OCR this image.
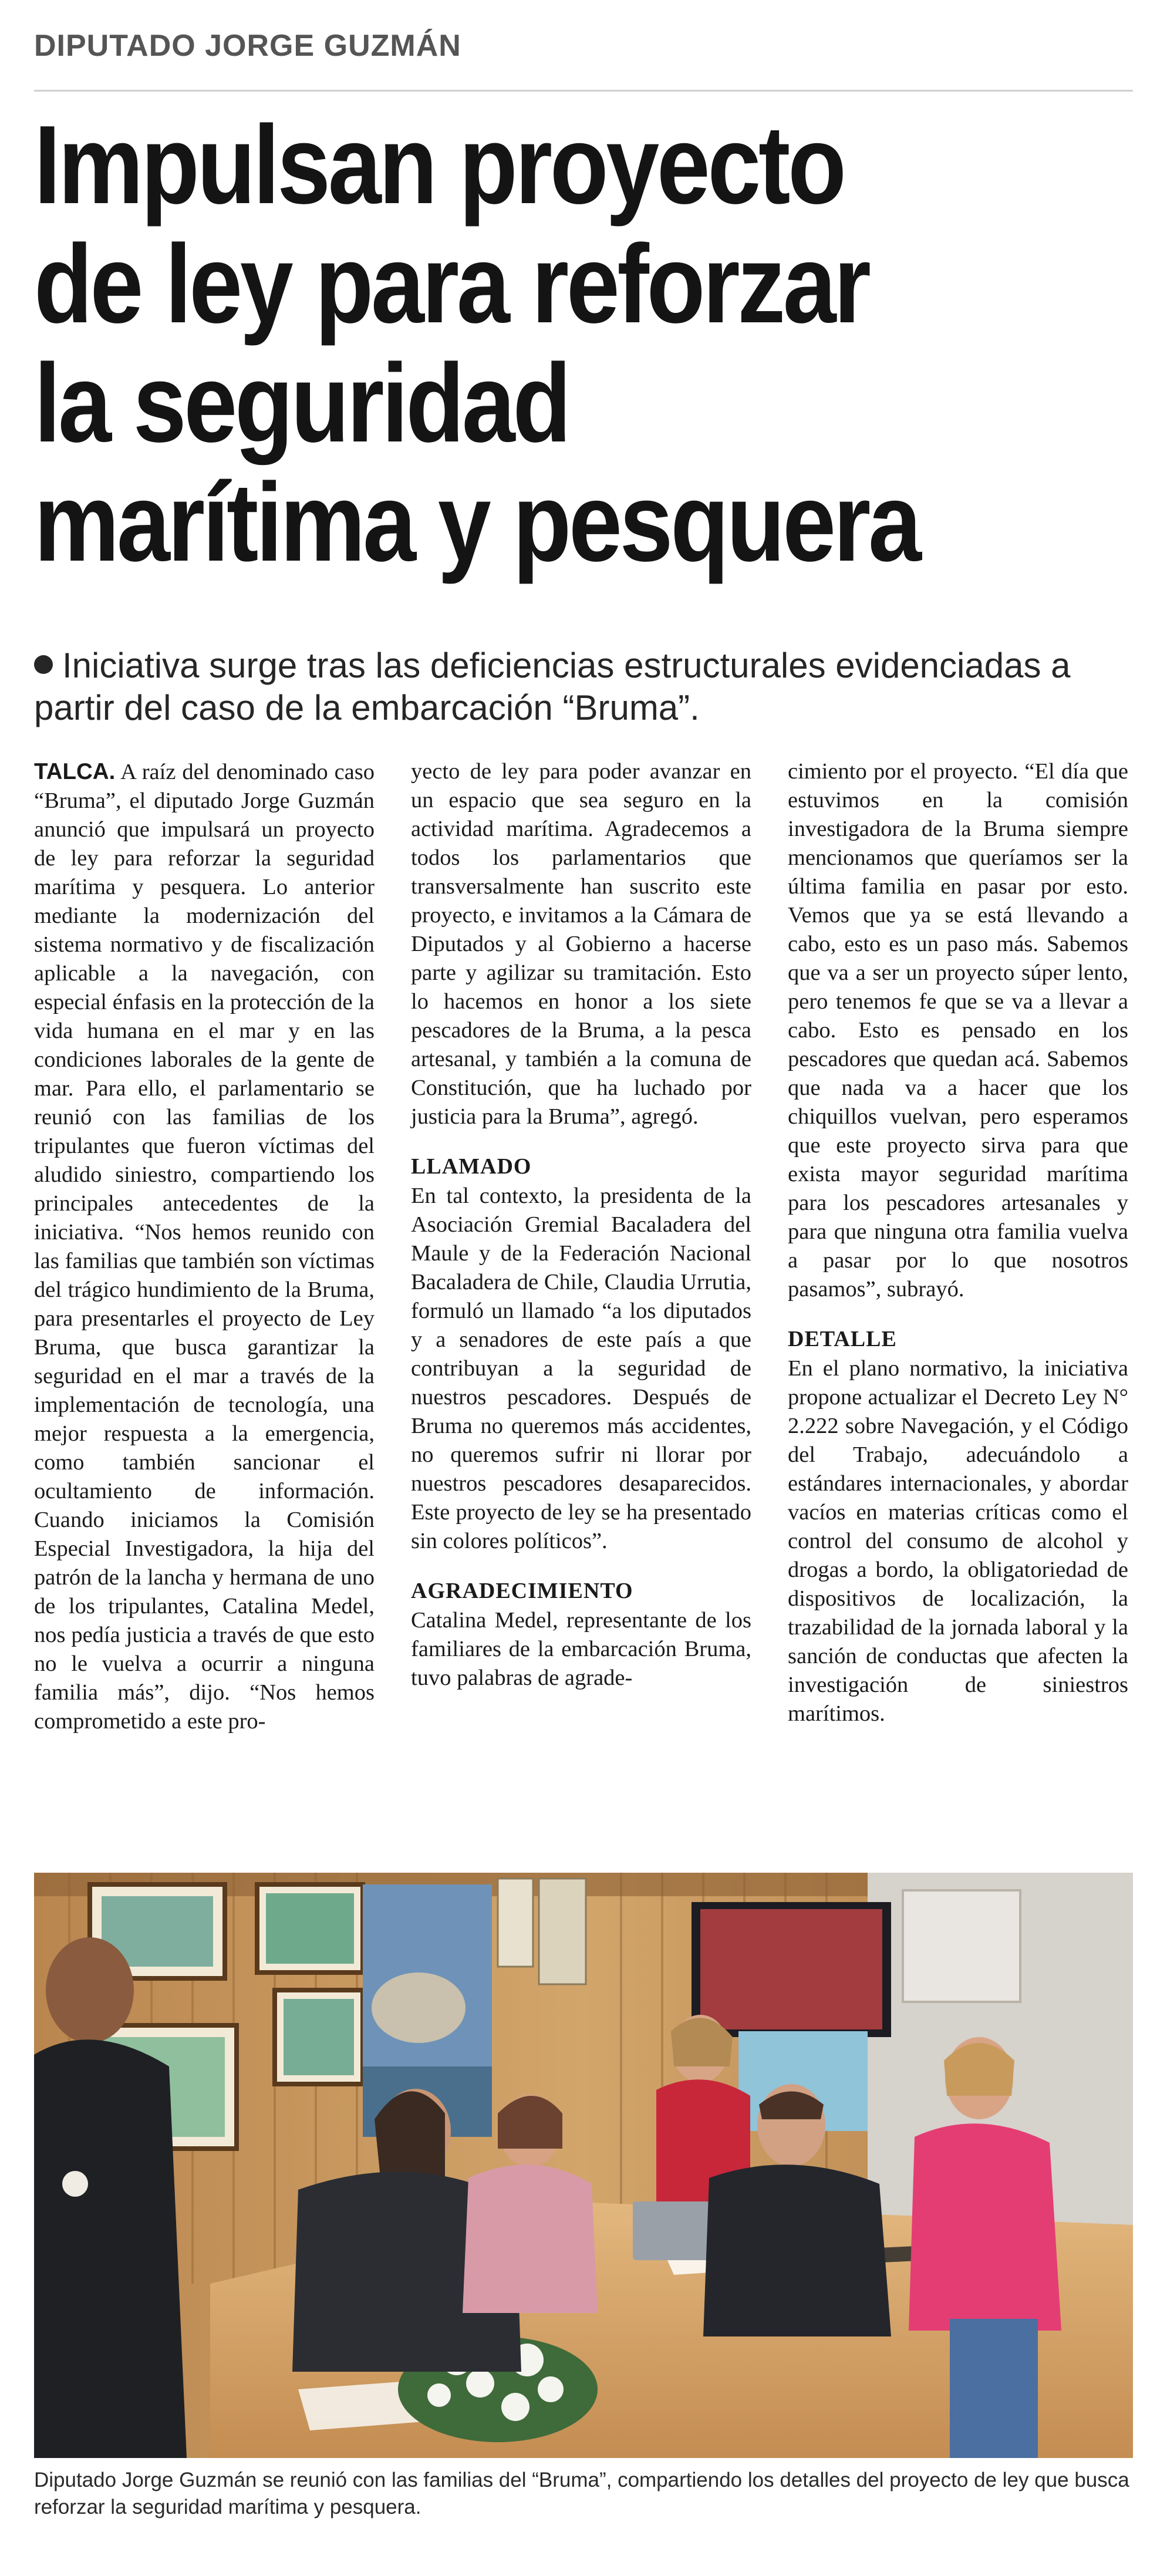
DIPUTADO JORGE GUZMÁN
Impulsan proyecto
de ley para reforzar
la seguridad
marítima y pesquera

Iniciativa surge tras las deficiencias estructurales evidenciadas a partir del caso de la embarcación “Bruma”.

TALCA. A raíz del denominado caso “Bruma”, el diputado Jorge Guzmán anunció que impulsará un proyecto de ley para reforzar la seguridad marítima y pesquera. Lo anterior mediante la modernización del sistema normativo y de fiscalización aplicable a la navegación, con especial énfasis en la protección de la vida humana en el mar y en las condiciones laborales de la gente de mar. Para ello, el parlamentario se reunió con las familias de los tripulantes que fueron víctimas del aludido siniestro, compartiendo los principales antecedentes de la iniciativa. “Nos hemos reunido con las familias que también son víctimas del trágico hundimiento de la Bruma, para presentarles el proyecto de Ley Bruma, que busca garantizar la seguridad en el mar a través de la implementación de tecnología, una mejor respuesta a la emergencia, como también sancionar el ocultamiento de información. Cuando iniciamos la Comisión Especial Investigadora, la hija del patrón de la lancha y hermana de uno de los tripulantes, Catalina Medel, nos pedía justicia a través de que esto no le vuelva a ocurrir a ninguna familia más”, dijo. “Nos hemos comprometido a este pro-

yecto de ley para poder avanzar en un espacio que sea seguro en la actividad marítima. Agradecemos a todos los parlamentarios que transversalmente han suscrito este proyecto, e invitamos a la Cámara de Diputados y al Gobierno a hacerse parte y agilizar su tramitación. Esto lo hacemos en honor a los siete pescadores de la Bruma, a la pesca artesanal, y también a la comuna de Constitución, que ha luchado por justicia para la Bruma”, agregó.

LLAMADO

En tal contexto, la presidenta de la Asociación Gremial Bacaladera del Maule y de la Federación Nacional Bacaladera de Chile, Claudia Urrutia, formuló un llamado “a los diputados y a senadores de este país a que contribuyan a la seguridad de nuestros pescadores. Después de Bruma no queremos más accidentes, no queremos sufrir ni llorar por nuestros pescadores desaparecidos. Este proyecto de ley se ha presentado sin colores políticos”.

AGRADECIMIENTO

Catalina Medel, representante de los familiares de la embarcación Bruma, tuvo palabras de agrade-

cimiento por el proyecto. “El día que estuvimos en la comisión investigadora de la Bruma siempre mencionamos que queríamos ser la última familia en pasar por esto. Vemos que ya se está llevando a cabo, esto es un paso más. Sabemos que va a ser un proyecto súper lento, pero tenemos fe que se va a llevar a cabo. Esto es pensado en los pescadores que quedan acá. Sabemos que nada va a hacer que los chiquillos vuelvan, pero esperamos que este proyecto sirva para que exista mayor seguridad marítima para los pescadores artesanales y para que ninguna otra familia vuelva a pasar por lo que nosotros pasamos”, subrayó.

DETALLE

En el plano normativo, la iniciativa propone actualizar el Decreto Ley N° 2.222 sobre Navegación, y el Código del Trabajo, adecuándolo a estándares internacionales, y abordar vacíos en materias críticas como el control del consumo de alcohol y drogas a bordo, la obligatoriedad de dispositivos de localización, la trazabilidad de la jornada laboral y la sanción de conductas que afecten la investigación de siniestros marítimos.

Diputado Jorge Guzmán se reunió con las familias del “Bruma”, compartiendo los detalles del proyecto de ley que busca reforzar la seguridad marítima y pesquera.
